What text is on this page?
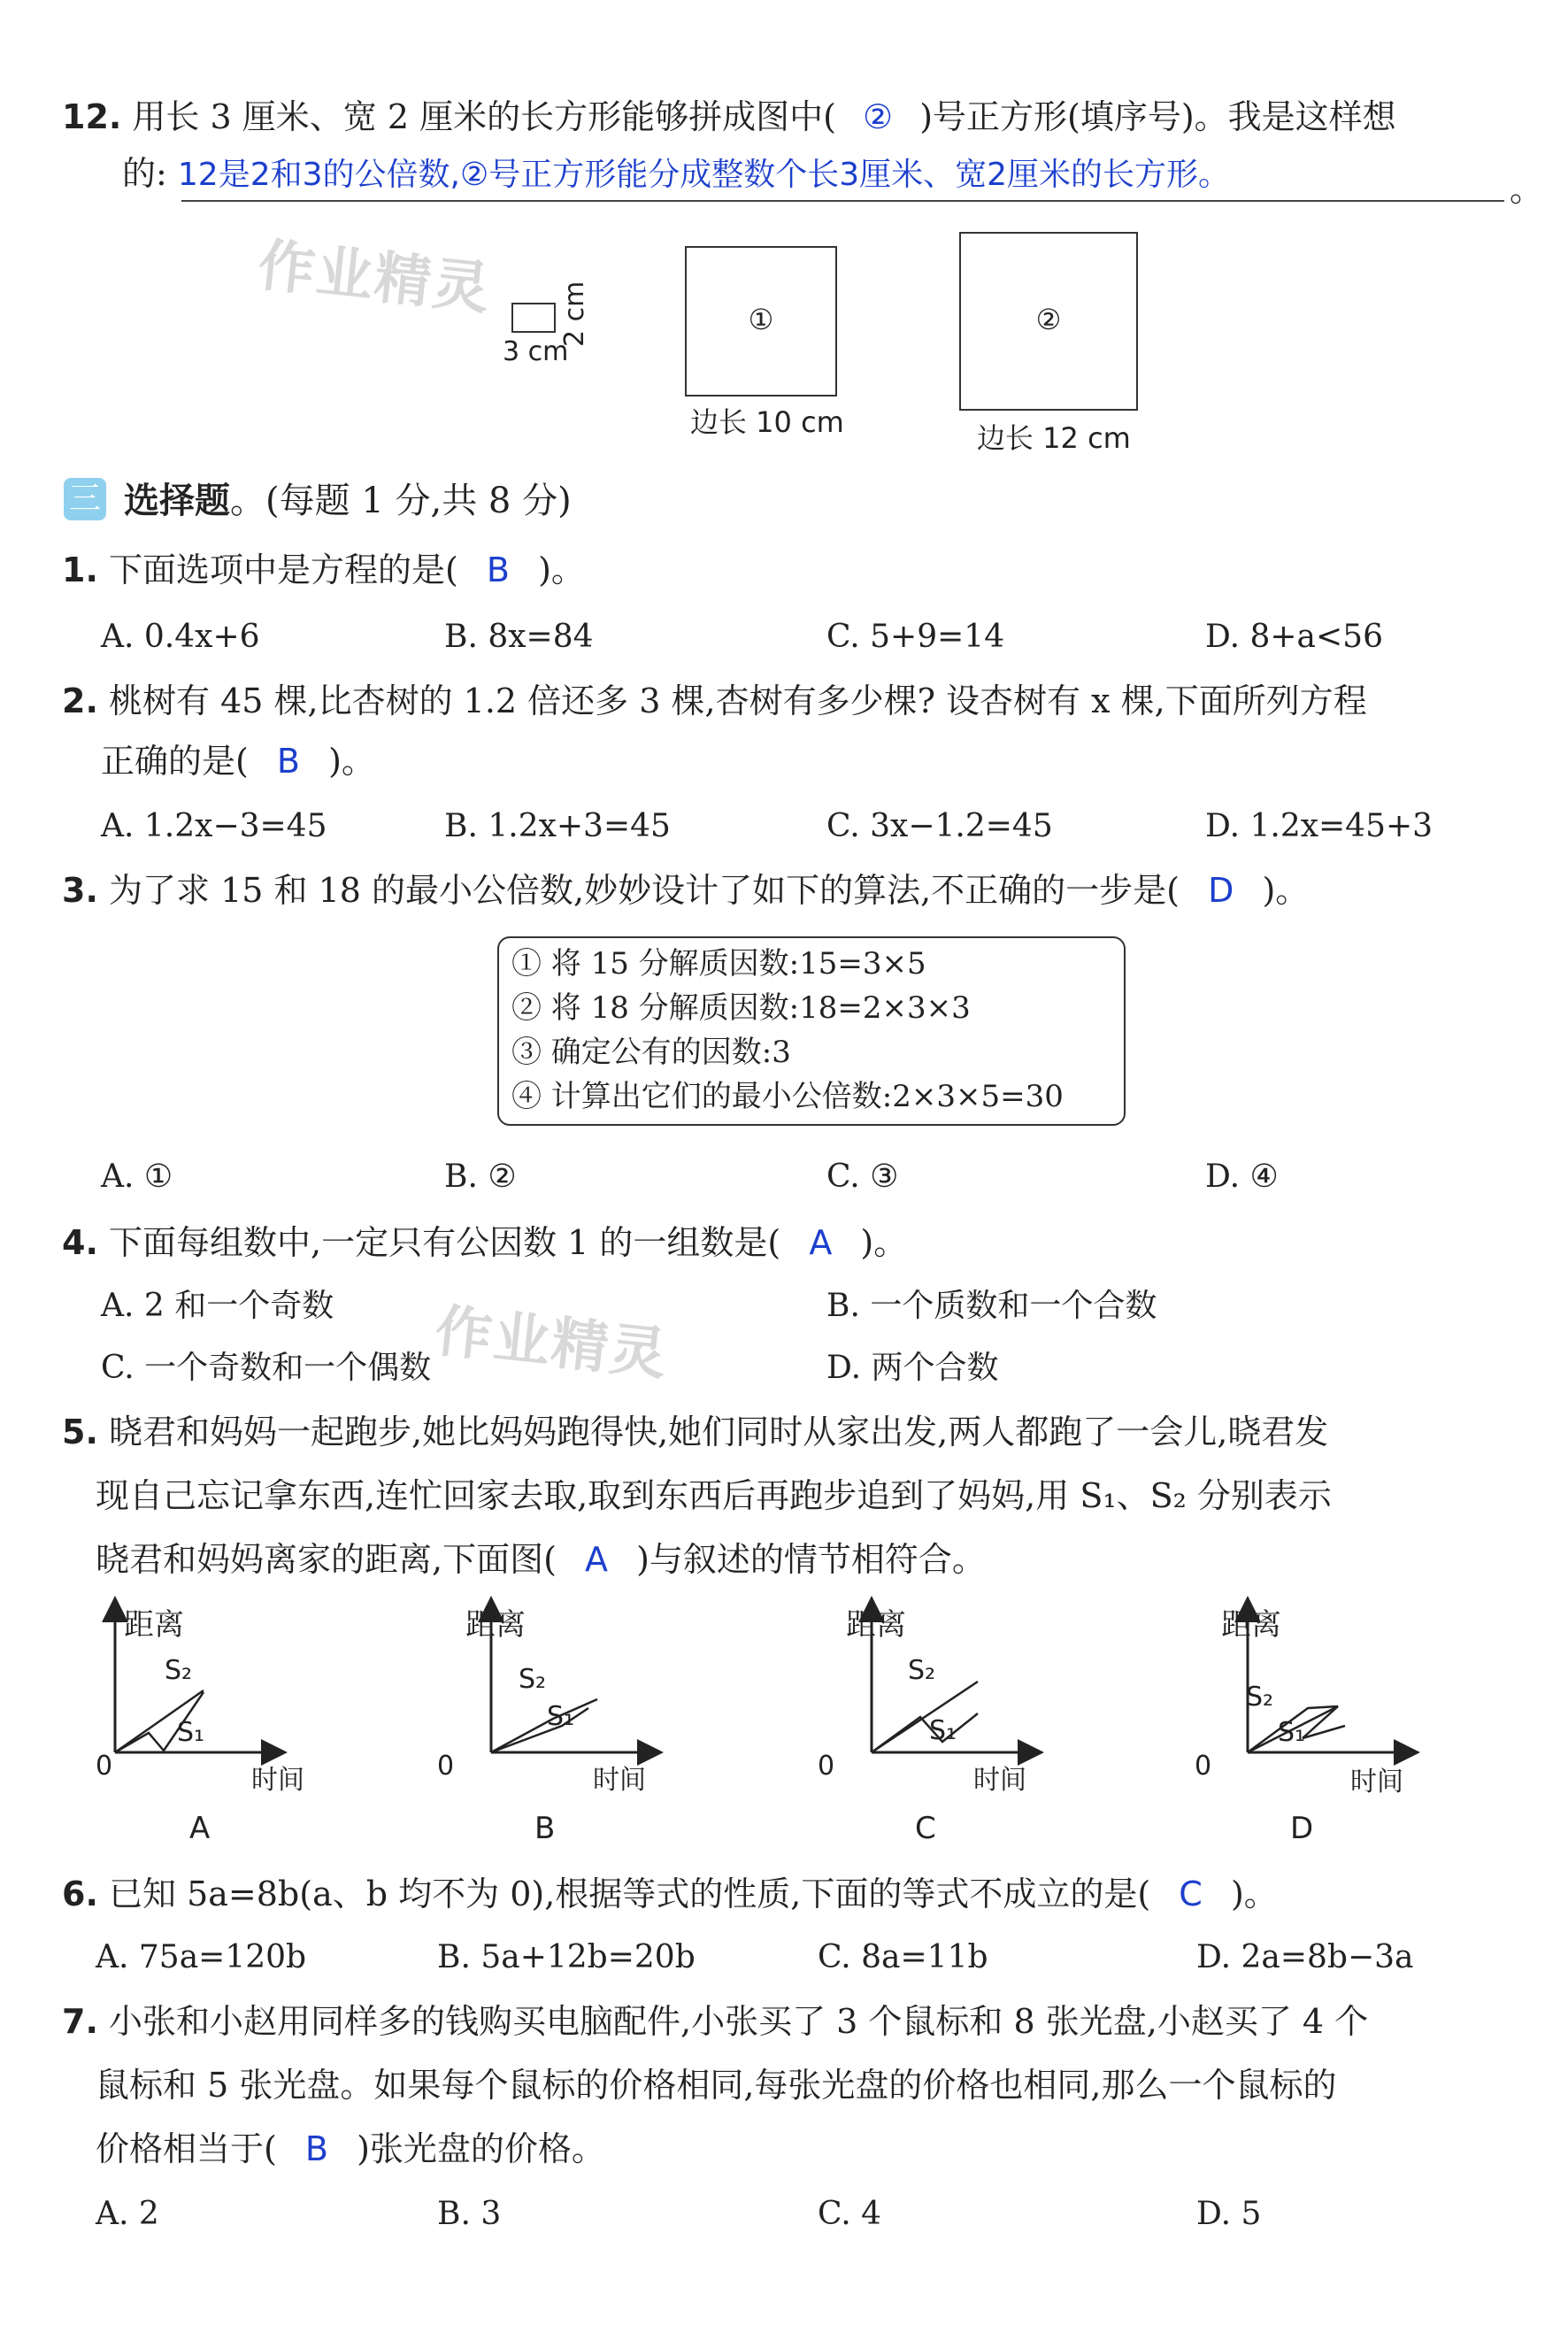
12. 用长 3 厘米、宽 2 厘米的长方形能够拼成图中( ② )号正方形(填序号)。我是这样想
的: 12是2和3的公倍数,②号正方形能分成整数个长3厘米、宽2厘米的长方形。	。
作业精灵
3 cm
2 cm	①
边长 10 cm
②
边长 12 cm
三 选择题。(每题 1 分,共 8 分)
1. 下面选项中是方程的是( B )。
A. 0.4x+6	B. 8x=84	C. 5+9=14	D. 8+a<56
2. 桃树有 45 棵,比杏树的 1.2 倍还多 3 棵,杏树有多少棵? 设杏树有 x 棵,下面所列方程
正确的是( B )。
A. 1.2x−3=45	B. 1.2x+3=45	C. 3x−1.2=45	D. 1.2x=45+3
3. 为了求 15 和 18 的最小公倍数,妙妙设计了如下的算法,不正确的一步是( D )。
① 将 15 分解质因数:15=3×5
② 将 18 分解质因数:18=2×3×3
③ 确定公有的因数:3
④ 计算出它们的最小公倍数:2×3×5=30
A. ①	B. ②	C. ③	D. ④
4. 下面每组数中,一定只有公因数 1 的一组数是( A )。
A. 2 和一个奇数	B. 一个质数和一个合数
C. 一个奇数和一个偶数	D. 两个合数
作业精灵
5. 晓君和妈妈一起跑步,她比妈妈跑得快,她们同时从家出发,两人都跑了一会儿,晓君发
现自己忘记拿东西,连忙回家去取,取到东西后再跑步追到了妈妈,用 S₁、S₂ 分别表示
晓君和妈妈离家的距离,下面图( A )与叙述的情节相符合。
距离
S₂
S₁
0	时间
A
距离
S₂
S₁
0	时间
B
距离
S₂
S₁
0	时间
C
距离
S₂
S₁
0
时间
D
6. 已知 5a=8b(a、b 均不为 0),根据等式的性质,下面的等式不成立的是( C )。
A. 75a=120b	B. 5a+12b=20b	C. 8a=11b	D. 2a=8b−3a
7. 小张和小赵用同样多的钱购买电脑配件,小张买了 3 个鼠标和 8 张光盘,小赵买了 4 个
鼠标和 5 张光盘。如果每个鼠标的价格相同,每张光盘的价格也相同,那么一个鼠标的
价格相当于( B )张光盘的价格。
A. 2	B. 3	C. 4	D. 5
